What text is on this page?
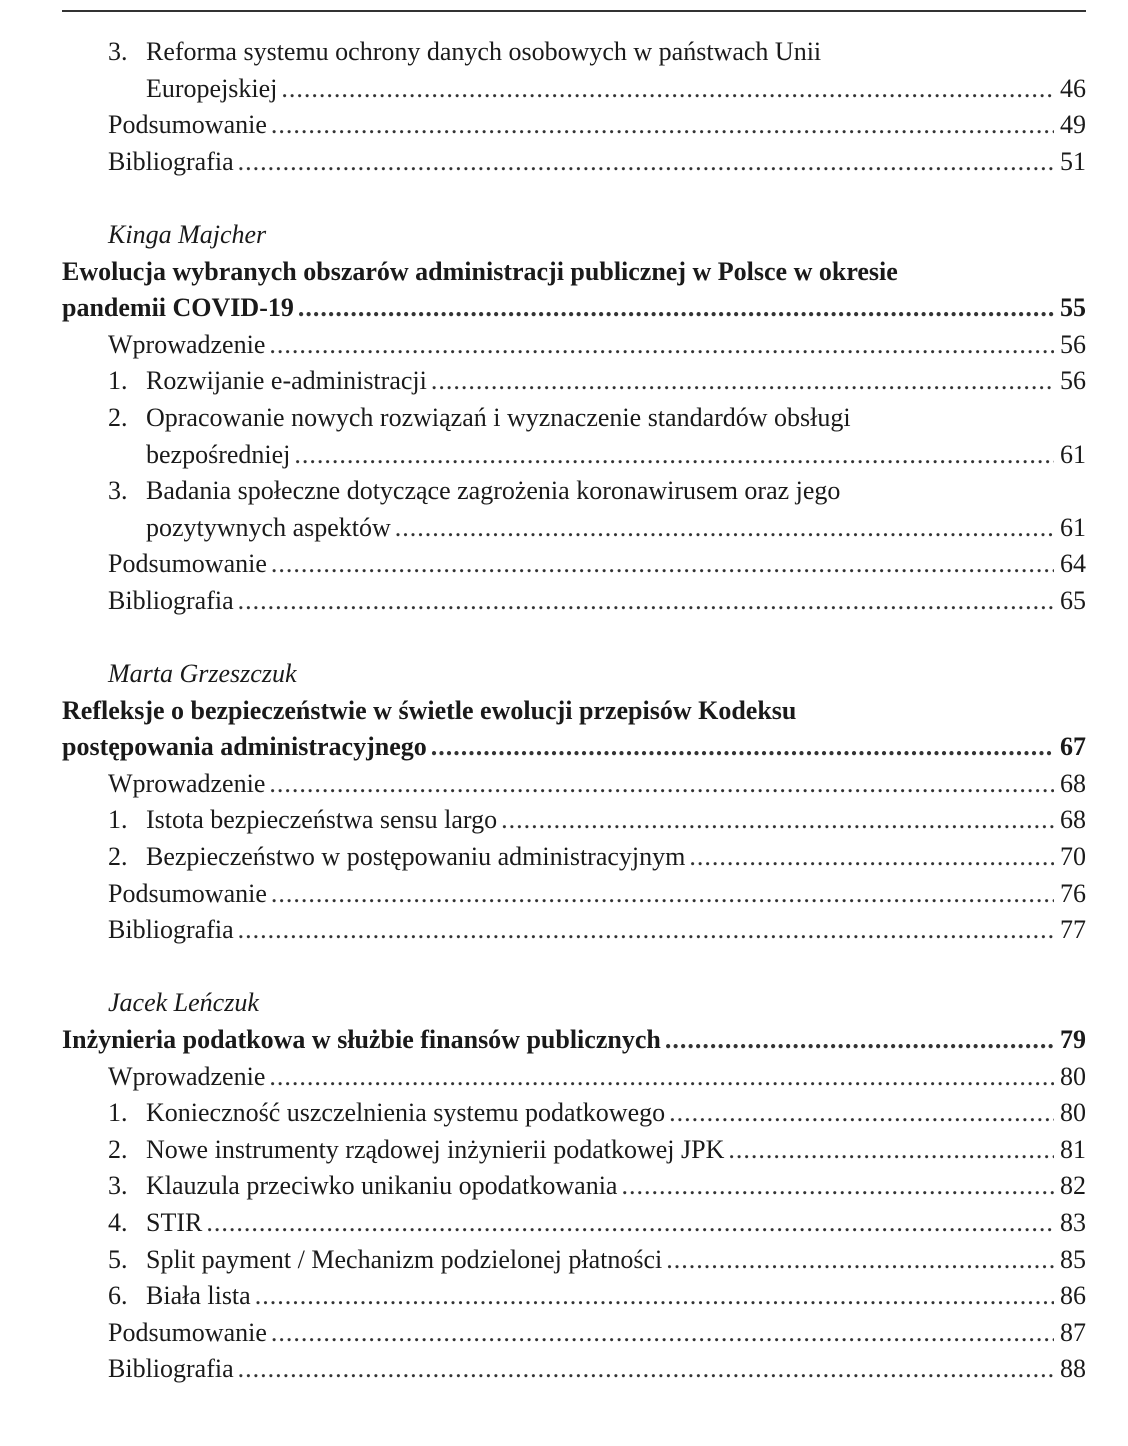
3. Reforma systemu ochrony danych osobowych w państwach Unii
Europejskiej .....	46
Podsumowanie .....	49
Bibliografia .....	51
Kinga Majcher
Ewolucja wybranych obszarów administracji publicznej w Polsce w okresie
pandemii COVID-19 .....	55
Wprowadzenie .....	56
1. Rozwijanie e-administracji .....	56
2. Opracowanie nowych rozwiązań i wyznaczenie standardów obsługi
bezpośredniej .....	61
3. Badania społeczne dotyczące zagrożenia koronawirusem oraz jego
pozytywnych aspektów .....	61
Podsumowanie .....	64
Bibliografia .....	65
Marta Grzeszczuk
Refleksje o bezpieczeństwie w świetle ewolucji przepisów Kodeksu
postępowania administracyjnego .....	67
Wprowadzenie .....	68
1. Istota bezpieczeństwa sensu largo .....	68
2. Bezpieczeństwo w postępowaniu administracyjnym .....	70
Podsumowanie .....	76
Bibliografia .....	77
Jacek Leńczuk
Inżynieria podatkowa w służbie finansów publicznych .....	79
Wprowadzenie .....	80
1. Konieczność uszczelnienia systemu podatkowego .....	80
2. Nowe instrumenty rządowej inżynierii podatkowej JPK .....	81
3. Klauzula przeciwko unikaniu opodatkowania .....	82
4. STIR .....	83
5. Split payment / Mechanizm podzielonej płatności .....	85
6. Biała lista .....	86
Podsumowanie .....	87
Bibliografia .....	88
